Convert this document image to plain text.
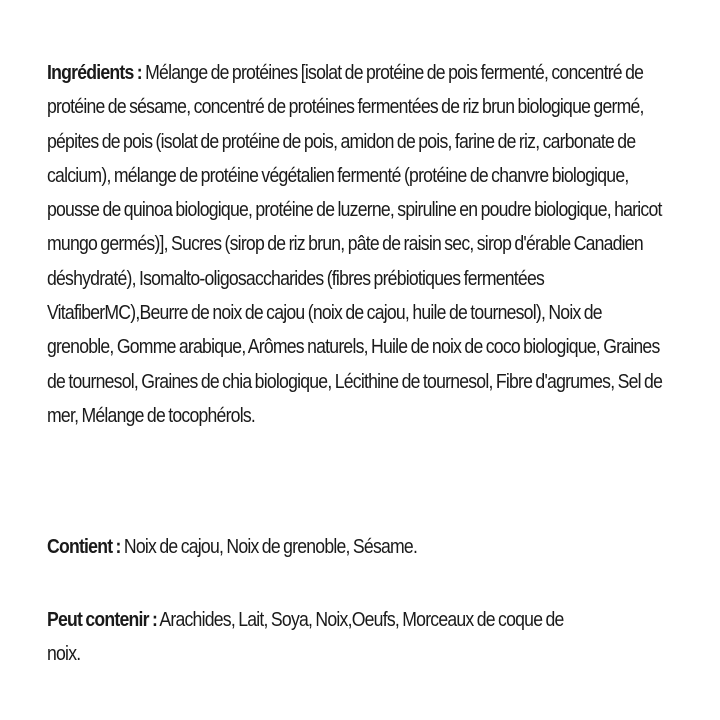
Ingrédients : Mélange de protéines [isolat de protéine de pois fermenté, concentré de protéine de sésame, concentré de protéines fermentées de riz brun biologique germé, pépites de pois (isolat de protéine de pois, amidon de pois, farine de riz, carbonate de calcium), mélange de protéine végétalien fermenté (protéine de chanvre biologique, pousse de quinoa biologique, protéine de luzerne, spiruline en poudre biologique, haricot mungo germés)], Sucres (sirop de riz brun, pâte de raisin sec, sirop d'érable Canadien déshydraté), Isomalto-oligosaccharides (fibres prébiotiques fermentées VitafiberMC),Beurre de noix de cajou (noix de cajou, huile de tournesol), Noix de grenoble, Gomme arabique, Arômes naturels, Huile de noix de coco biologique, Graines de tournesol, Graines de chia biologique, Lécithine de tournesol, Fibre d'agrumes, Sel de mer, Mélange de tocophérols.

Contient : Noix de cajou, Noix de grenoble, Sésame.

Peut contenir : Arachides, Lait, Soya, Noix,Oeufs, Morceaux de coque de noix.
